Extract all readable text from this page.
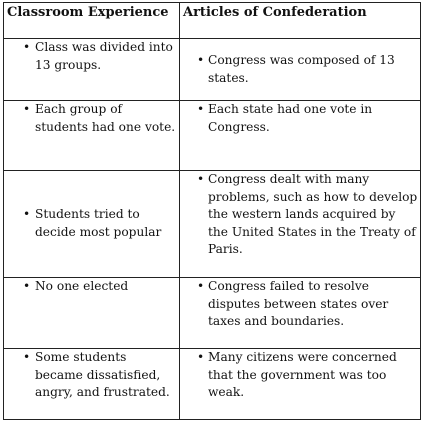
Classroom Experience	Articles of Confederation

• Class was divided into 13 groups.	• Congress was composed of 13 states.

• Each group of students had one vote.	• Each state had one vote in Congress.

• Students tried to decide most popular	• Congress dealt with many problems, such as how to develop the western lands acquired by the United States in the Treaty of Paris.

• No one elected	• Congress failed to resolve disputes between states over taxes and boundaries.

• Some students became dissatisfied, angry, and frustrated.	• Many citizens were concerned that the government was too weak.
